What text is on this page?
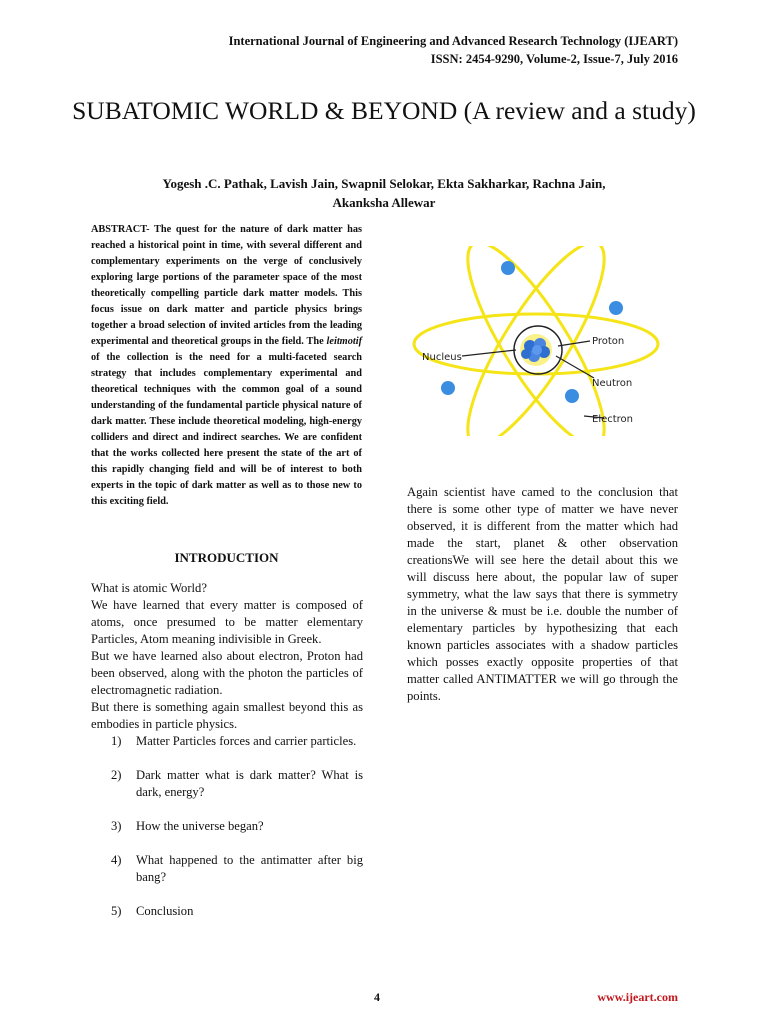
International Journal of Engineering and Advanced Research Technology (IJEART)
ISSN: 2454-9290, Volume-2, Issue-7, July 2016
SUBATOMIC WORLD & BEYOND (A review and a study)
Yogesh .C. Pathak, Lavish Jain, Swapnil Selokar, Ekta Sakharkar, Rachna Jain,
Akanksha Allewar

ABSTRACT- The quest for the nature of dark matter has reached a historical point in time, with several different and complementary experiments on the verge of conclusively exploring large portions of the parameter space of the most theoretically compelling particle dark matter models. This focus issue on dark matter and particle physics brings together a broad selection of invited articles from the leading experimental and theoretical groups in the field. The leitmotif of the collection is the need for a multi-faceted search strategy that includes complementary experimental and theoretical techniques with the common goal of a sound understanding of the fundamental particle physical nature of dark matter. These include theoretical modeling, high-energy colliders and direct and indirect searches. We are confident that the works collected here present the state of the art of this rapidly changing field and will be of interest to both experts in the topic of dark matter as well as to those new to this exciting field.

INTRODUCTION

What is atomic World?

We have learned that every matter is composed of atoms, once presumed to be matter elementary Particles, Atom meaning indivisible in Greek.

But we have learned also about electron, Proton had been observed, along with the photon the particles of electromagnetic radiation.

But there is something again smallest beyond this as embodies in particle physics.

1)	Matter Particles forces and carrier particles.
2)	Dark matter what is dark matter? What is dark, energy?
3)	How the universe began?
4)	What happened to the antimatter after big bang?
5)	Conclusion
Nucleus
Proton
Neutron
Electron

Again scientist have camed to the conclusion that there is some other type of matter we have never observed, it is different from the matter which had made the start, planet & other observation creationsWe will see here the detail about this we will discuss here about, the popular law of super symmetry, what the law says that there is symmetry in the universe & must be i.e. double the number of elementary particles by hypothesizing that each known particles associates with a shadow particles which posses exactly opposite properties of that matter called ANTIMATTER we will go through the points.

4	www.ijeart.com
